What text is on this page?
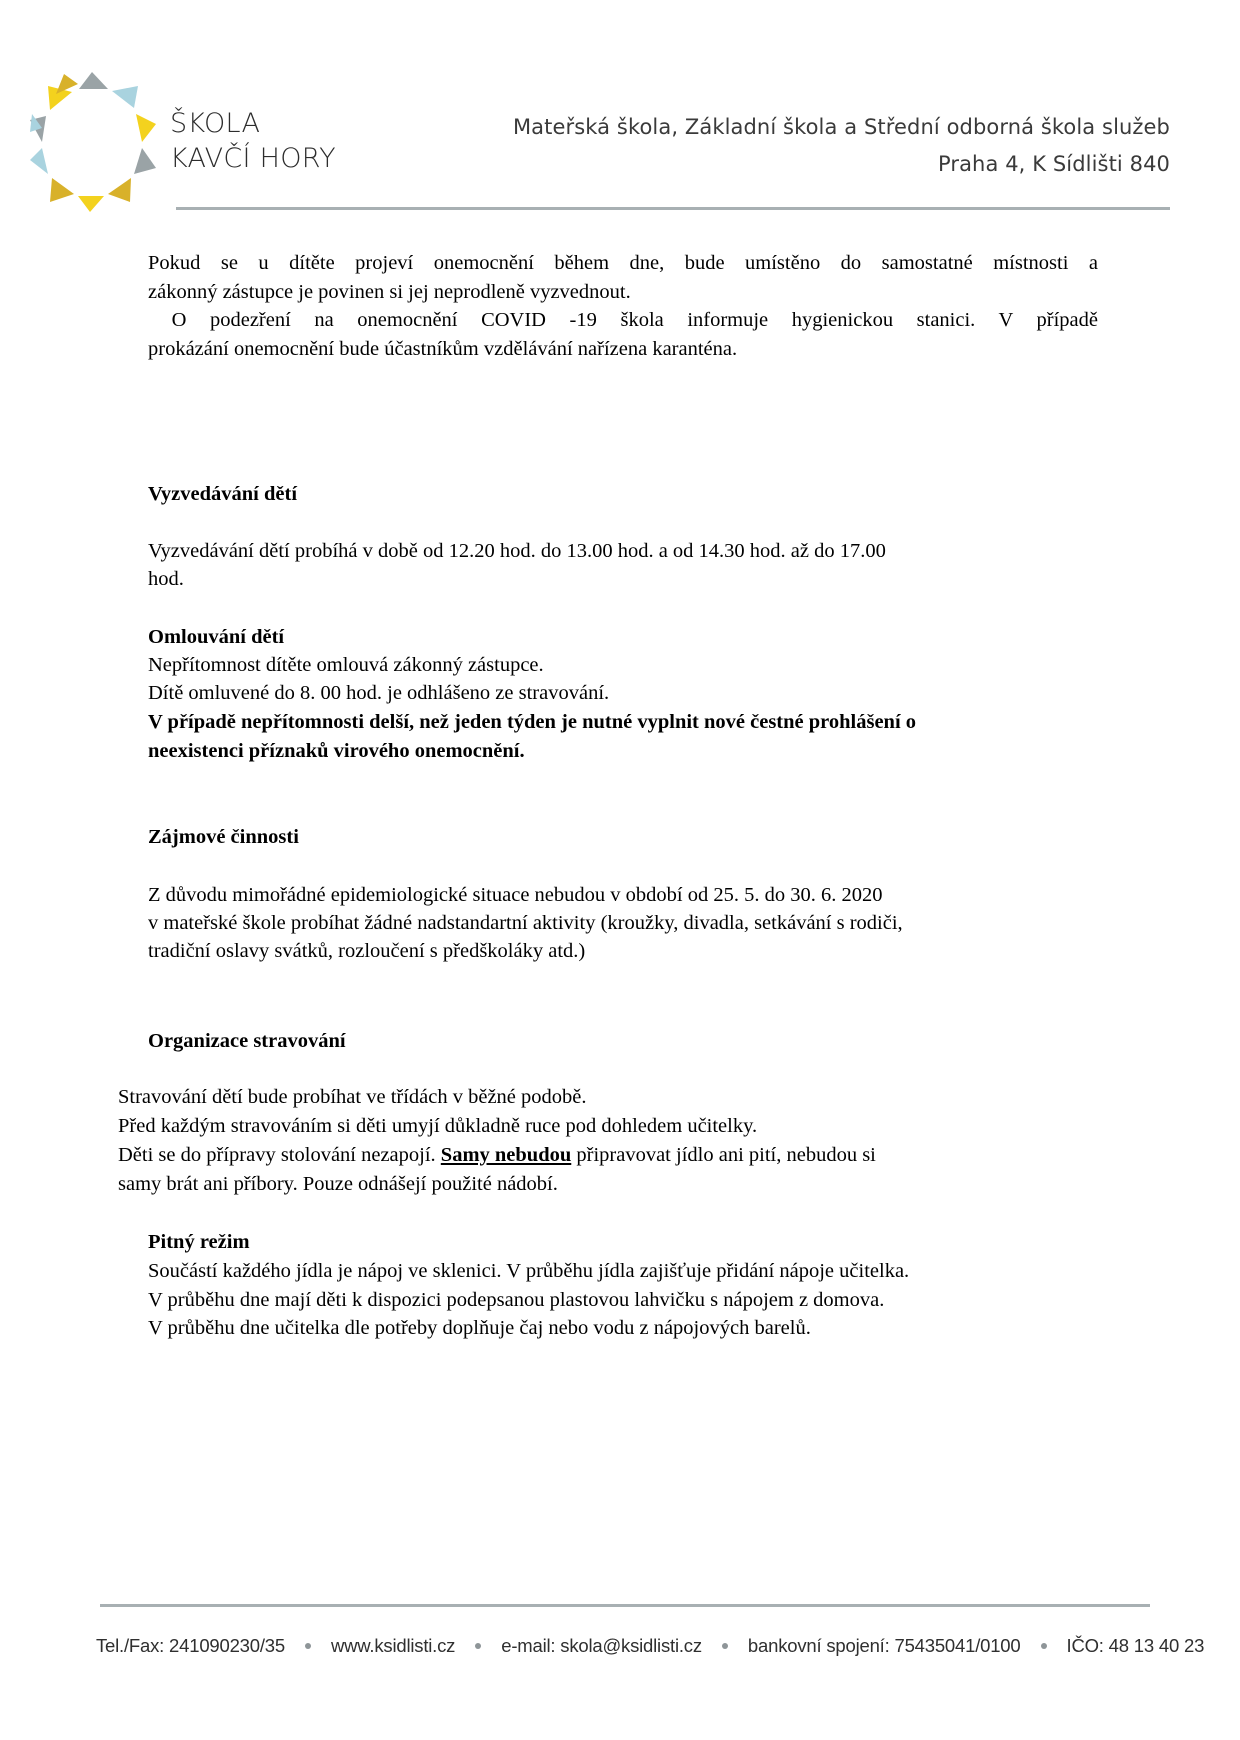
ŠKOLA
KAVČÍ HORY
Mateřská škola, Základní škola a Střední odborná škola služeb
Praha 4, K Sídlišti 840
Pokud se u dítěte projeví onemocnění během dne, bude umístěno do samostatné místnosti a
zákonný zástupce je povinen si jej neprodleně vyzvednout.
O podezření na onemocnění COVID -19 škola informuje hygienickou stanici. V případě
prokázání onemocnění bude účastníkům vzdělávání nařízena karanténa.
Vyzvedávání dětí
Vyzvedávání dětí probíhá v době od 12.20 hod. do 13.00 hod. a od 14.30 hod. až do 17.00
hod.
Omlouvání dětí
Nepřítomnost dítěte omlouvá zákonný zástupce.
Dítě omluvené do 8. 00 hod. je odhlášeno ze stravování.
V případě nepřítomnosti delší, než jeden týden je nutné vyplnit nové čestné prohlášení o
neexistenci příznaků virového onemocnění.
Zájmové činnosti
Z důvodu mimořádné epidemiologické situace nebudou v období od 25. 5. do 30. 6. 2020
v mateřské škole probíhat žádné nadstandartní aktivity (kroužky, divadla, setkávání s rodiči,
tradiční oslavy svátků, rozloučení s předškoláky atd.)
Organizace stravování
Stravování dětí bude probíhat ve třídách v běžné podobě.
Před každým stravováním si děti umyjí důkladně ruce pod dohledem učitelky.
Děti se do přípravy stolování nezapojí. Samy nebudou připravovat jídlo ani pití, nebudou si
samy brát ani příbory. Pouze odnášejí použité nádobí.
Pitný režim
Součástí každého jídla je nápoj ve sklenici. V průběhu jídla zajišťuje přidání nápoje učitelka.
V průběhu dne mají děti k dispozici podepsanou plastovou lahvičku s nápojem z domova.
V průběhu dne učitelka dle potřeby doplňuje čaj nebo vodu z nápojových barelů.
Tel./Fax: 241090230/35 www.ksidlisti.cz e-mail: skola@ksidlisti.cz bankovní spojení: 75435041/0100 IČO: 48 13 40 23
